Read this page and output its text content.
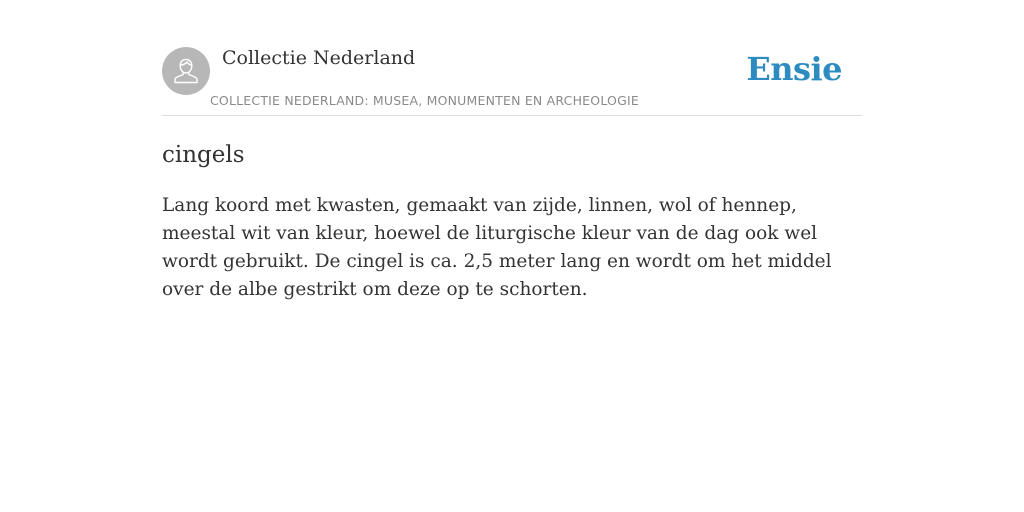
Collectie Nederland
COLLECTIE NEDERLAND: MUSEA, MONUMENTEN EN ARCHEOLOGIE
Ensie
cingels

Lang koord met kwasten, gemaakt van zijde, linnen, wol of hennep, meestal wit van kleur, hoewel de liturgische kleur van de dag ook wel wordt gebruikt. De cingel is ca. 2,5 meter lang en wordt om het middel over de albe gestrikt om deze op te schorten.
